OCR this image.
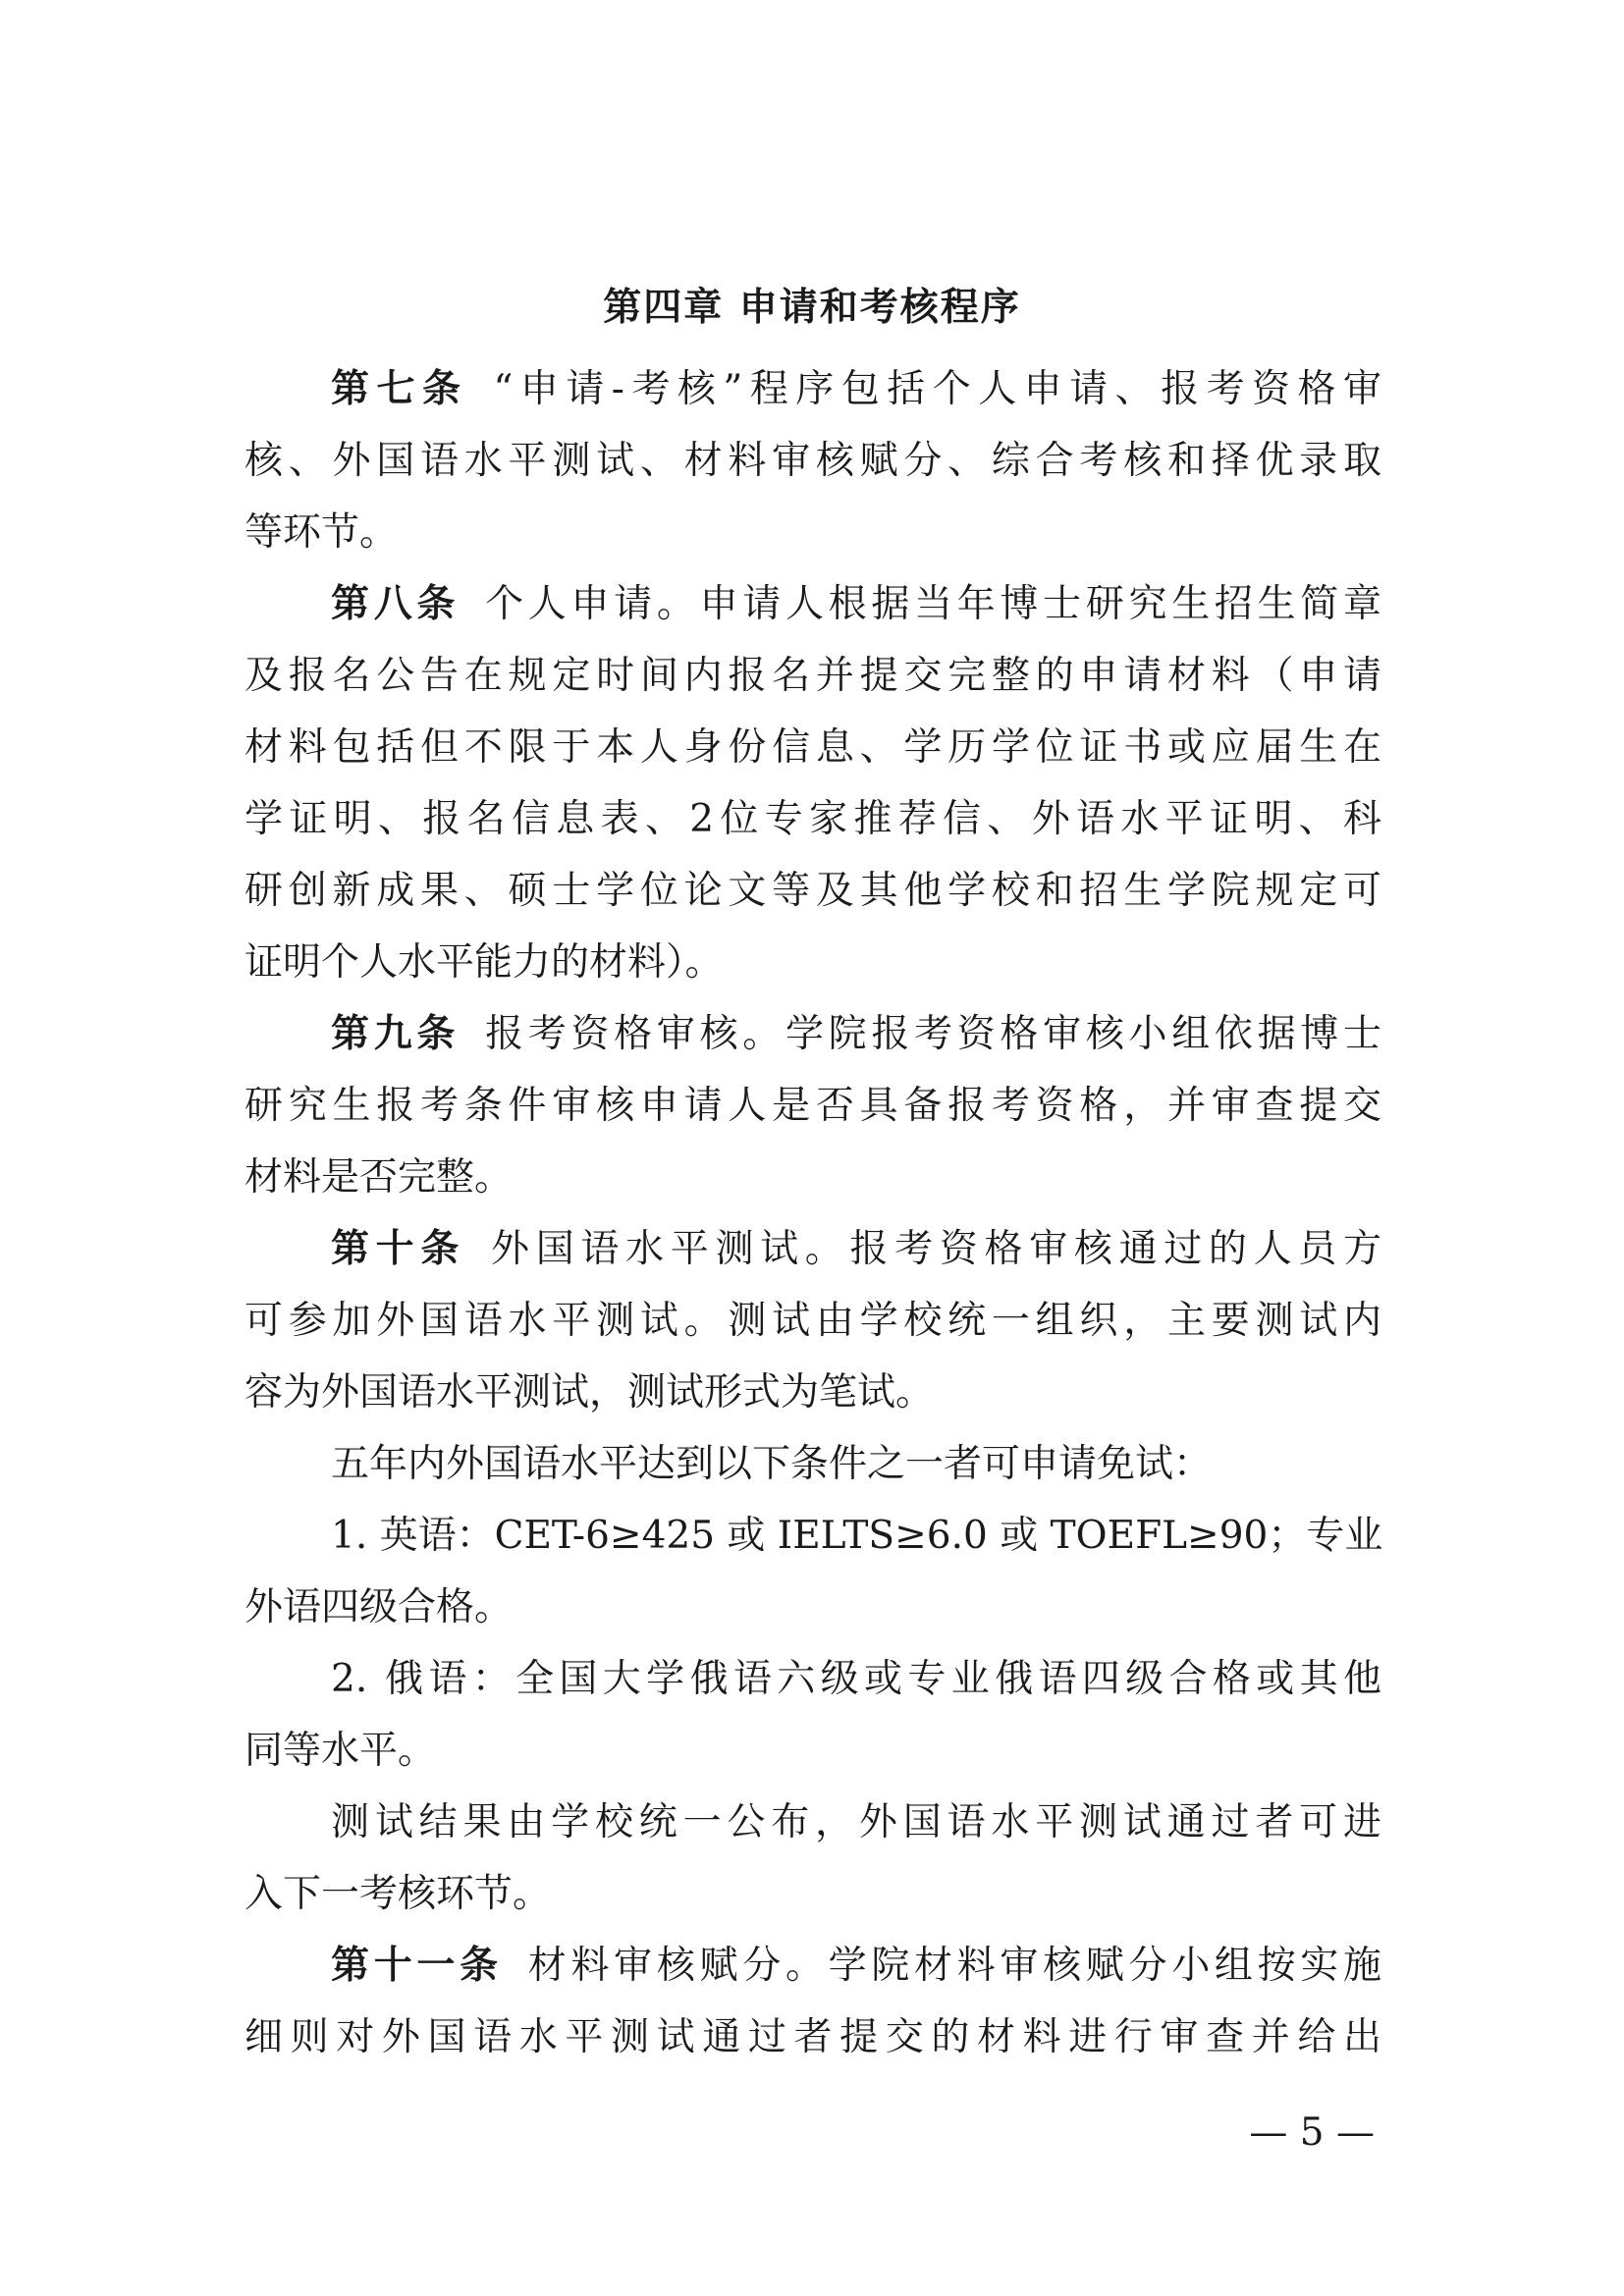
第四章 申请和考核程序
第七条 “申请-考核”程序包括个人申请、报考资格审
核、外国语水平测试、材料审核赋分、综合考核和择优录取
等环节。
第八条 个人申请。申请人根据当年博士研究生招生简章
及报名公告在规定时间内报名并提交完整的申请材料（申请
材料包括但不限于本人身份信息、学历学位证书或应届生在
学证明、报名信息表、2位专家推荐信、外语水平证明、科
研创新成果、硕士学位论文等及其他学校和招生学院规定可
证明个人水平能力的材料）。
第九条 报考资格审核。学院报考资格审核小组依据博士
研究生报考条件审核申请人是否具备报考资格，并审查提交
材料是否完整。
第十条 外国语水平测试。报考资格审核通过的人员方
可参加外国语水平测试。测试由学校统一组织，主要测试内
容为外国语水平测试，测试形式为笔试。
五年内外国语水平达到以下条件之一者可申请免试：
1. 英语：CET-6≥425 或 IELTS≥6.0 或 TOEFL≥90；专业
外语四级合格。
2. 俄语：全国大学俄语六级或专业俄语四级合格或其他
同等水平。
测试结果由学校统一公布，外国语水平测试通过者可进
入下一考核环节。
第十一条 材料审核赋分。学院材料审核赋分小组按实施
细则对外国语水平测试通过者提交的材料进行审查并给出
— 5 —
